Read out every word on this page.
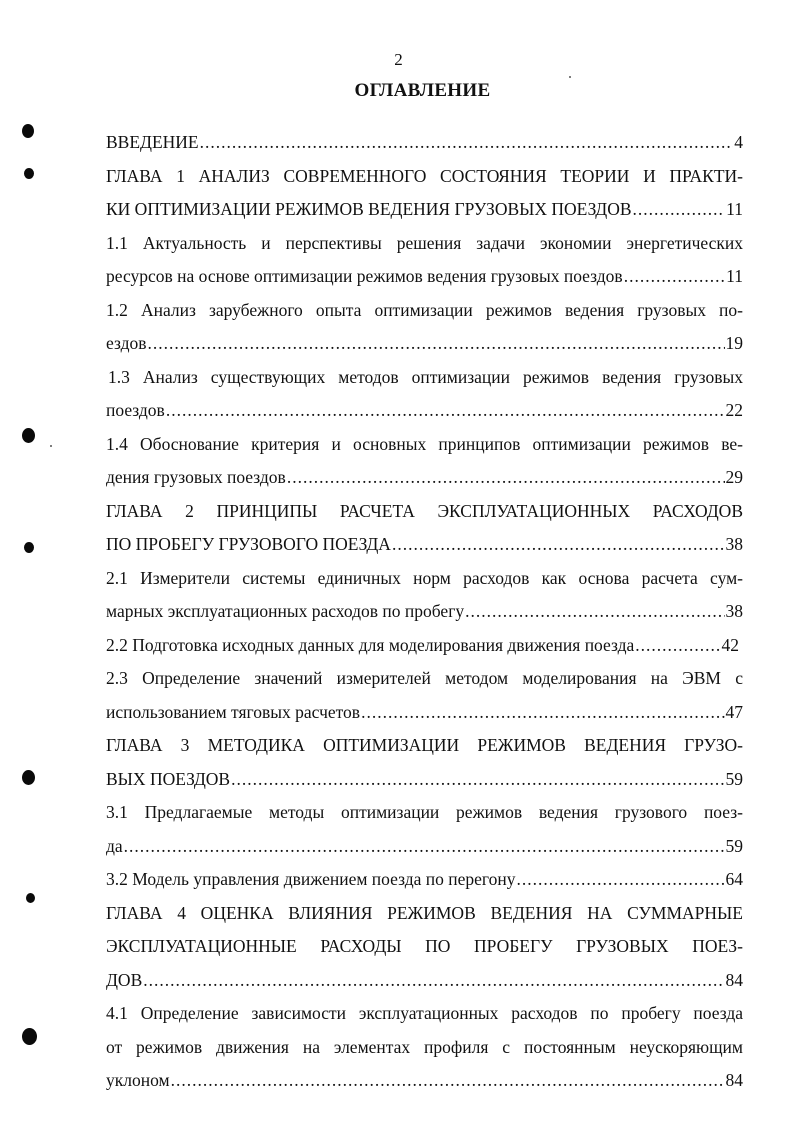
2
ОГЛАВЛЕНИЕ
ВВЕДЕНИЕ .....	4
ГЛАВА 1 АНАЛИЗ СОВРЕМЕННОГО СОСТОЯНИЯ ТЕОРИИ И ПРАКТИ-
КИ ОПТИМИЗАЦИИ РЕЖИМОВ ВЕДЕНИЯ ГРУЗОВЫХ ПОЕЗДОВ .....	11
1.1 Актуальность и перспективы решения задачи экономии энергетических
ресурсов на основе оптимизации режимов ведения грузовых поездов .....	11
1.2 Анализ зарубежного опыта оптимизации режимов ведения грузовых по-
ездов .....	19
1.3 Анализ существующих методов оптимизации режимов ведения грузовых
поездов .....	22
1.4 Обоснование критерия и основных принципов оптимизации режимов ве-
дения грузовых поездов .....	29
ГЛАВА 2 ПРИНЦИПЫ РАСЧЕТА ЭКСПЛУАТАЦИОННЫХ РАСХОДОВ
ПО ПРОБЕГУ ГРУЗОВОГО ПОЕЗДА .....	38
2.1 Измерители системы единичных норм расходов как основа расчета сум-
марных эксплуатационных расходов по пробегу .....	38
2.2 Подготовка исходных данных для моделирования движения поезда .....	42
2.3 Определение значений измерителей методом моделирования на ЭВМ с
использованием тяговых расчетов .....	47
ГЛАВА 3 МЕТОДИКА ОПТИМИЗАЦИИ РЕЖИМОВ ВЕДЕНИЯ ГРУЗО-
ВЫХ ПОЕЗДОВ .....	59
3.1 Предлагаемые методы оптимизации режимов ведения грузового поез-
да .....	59
3.2 Модель управления движением поезда по перегону .....	64
ГЛАВА 4 ОЦЕНКА ВЛИЯНИЯ РЕЖИМОВ ВЕДЕНИЯ НА СУММАРНЫЕ
ЭКСПЛУАТАЦИОННЫЕ РАСХОДЫ ПО ПРОБЕГУ ГРУЗОВЫХ ПОЕЗ-
ДОВ .....	84
4.1 Определение зависимости эксплуатационных расходов по пробегу поезда
от режимов движения на элементах профиля с постоянным неускоряющим
уклоном .....	84
